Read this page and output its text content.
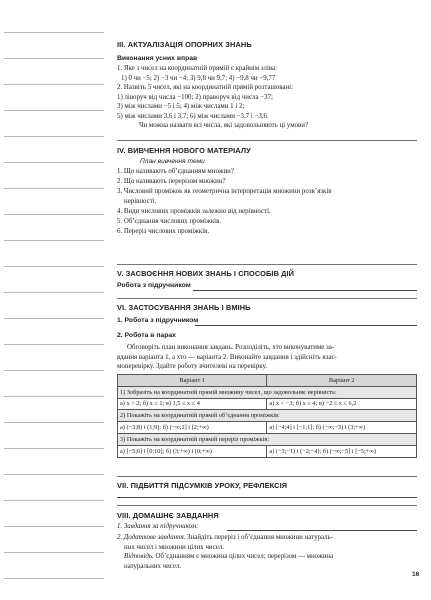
ІІІ. АКТУАЛІЗАЦІЯ ОПОРНИХ ЗНАНЬ
Виконання усних вправ
1. Яке з чисел на координатній прямій є крайнім зліва:
1) 0 чи −5; 2) −3 чи −4; 3) 9,8 чи 9,7; 4) −9,8 чи −9,77
2. Назвіть 5 чисел, які на координатній прямій розташовані:
1) ліворуч від числа −100; 2) праворуч від числа −37;
3) між числами −5 і 5; 4) між числами 1 і 2;
5) між числами 3,6 і 3,7; 6) між числами −3,7 і −3,6.
Чи можна назвати всі числа, які задовольняють ці умови?
IV. ВИВЧЕННЯ НОВОГО МАТЕРІАЛУ
План вивчення теми
1. Що називають об’єднанням множин?
2. Що називають перерізом множин?
3. Числовий проміжок як геометрична інтерпретація множини розв’язків
нерівності.
4. Види числових проміжків залежно від нерівності.
5. Об’єднання числових проміжків.
6. Переріз числових проміжків.
V. ЗАСВОЄННЯ НОВИХ ЗНАНЬ І СПОСОБІВ ДІЙ
Робота з підручником
VI. ЗАСТОСУВАННЯ ЗНАНЬ І ВМІНЬ
1. Робота з підручником
2. Робота в парах
Обговоріть план виконання завдань. Розподіліть, хто виконуватиме за-
вдання варіанта 1, а хто — варіанта 2. Виконайте завдання і здійсніть взає-
моперевірку. Здайте роботу вчителеві на перевірку.
Варіант 1	Варіант 2
1) Зобразіть на координатній прямій множину чисел, що задовольняє нерівність:	
а) x > 2; б) x ≤ 1; в) 1,5 ≤ x ≤ 4	а) x < −3; б) x ≥ 4; в) −2 ≤ x ≤ 6,2
2) Покажіть на координатній прямій об’єднання проміжків:	
а) (−3;8) і (1;9); б) (−∞;2] і [2;+∞)	а) [−4;4] і [−1;1]; б) (−∞;−3) і (3;+∞)
3) Покажіть на координатній прямій переріз проміжків:	
а) [−5;6] і [0;10]; б) (3;+∞) і (0;+∞)	а) (−3;−1) і (−2;−4); б) (−∞;−5] і [−5;+∞)
VII. ПІДБИТТЯ ПІДСУМКІВ УРОКУ, РЕФЛЕКСІЯ
VIII. ДОМАШНЄ ЗАВДАННЯ
1. Завдання за підручником:
2. Додаткове завдання. Знайдіть переріз і об’єднання множини натураль-
них чисел і множини цілих чисел.
Відповідь. Об’єднанням є множина цілих чисел; перерізом — множина
натуральних чисел.
16
